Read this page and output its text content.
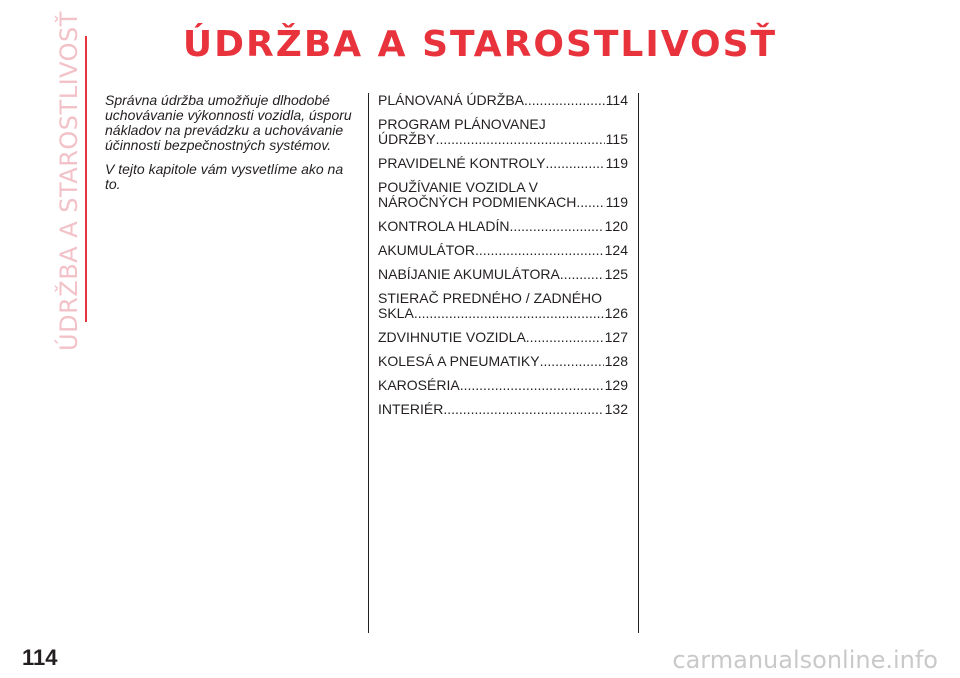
ÚDRŽBA A STAROSTLIVOSŤ	ÚDRŽBA A STAROSTLIVOSŤ

Správna údržba umožňuje dlhodobé uchovávanie výkonnosti vozidla, úsporu nákladov na prevádzku a uchovávanie účinnosti bezpečnostných systémov.

V tejto kapitole vám vysvetlíme ako na to.

PLÁNOVANÁ ÚDRŽBA .....	114
PROGRAM PLÁNOVANEJ
ÚDRŽBY .....	115
PRAVIDELNÉ KONTROLY .....	119
POUŽÍVANIE VOZIDLA V
NÁROČNÝCH PODMIENKACH ..... 119
KONTROLA HLADÍN .....	120
AKUMULÁTOR .....	124
NABÍJANIE AKUMULÁTORA .....	125
STIERAČ PREDNÉHO / ZADNÉHO
SKLA .....	126
ZDVIHNUTIE VOZIDLA .....	127
KOLESÁ A PNEUMATIKY .....	128
KAROSÉRIA .....	129
INTERIÉR .....	132
114	carmanualsonline.info
